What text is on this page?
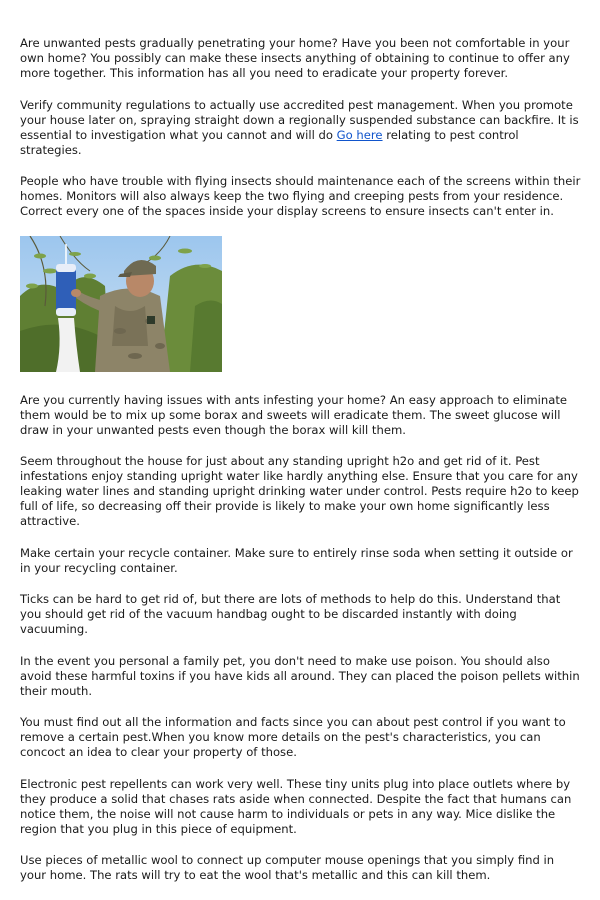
Are unwanted pests gradually penetrating your home? Have you been not comfortable in your own home? You possibly can make these insects anything of obtaining to continue to offer any more together. This information has all you need to eradicate your property forever.

Verify community regulations to actually use accredited pest management. When you promote your house later on, spraying straight down a regionally suspended substance can backfire. It is essential to investigation what you cannot and will do Go here relating to pest control strategies.

People who have trouble with flying insects should maintenance each of the screens within their homes. Monitors will also always keep the two flying and creeping pests from your residence. Correct every one of the spaces inside your display screens to ensure insects can't enter in.

Are you currently having issues with ants infesting your home? An easy approach to eliminate them would be to mix up some borax and sweets will eradicate them. The sweet glucose will draw in your unwanted pests even though the borax will kill them.

Seem throughout the house for just about any standing upright h2o and get rid of it. Pest infestations enjoy standing upright water like hardly anything else. Ensure that you care for any leaking water lines and standing upright drinking water under control. Pests require h2o to keep full of life, so decreasing off their provide is likely to make your own home significantly less attractive.

Make certain your recycle container. Make sure to entirely rinse soda when setting it outside or in your recycling container.

Ticks can be hard to get rid of, but there are lots of methods to help do this. Understand that you should get rid of the vacuum handbag ought to be discarded instantly with doing vacuuming.

In the event you personal a family pet, you don't need to make use poison. You should also avoid these harmful toxins if you have kids all around. They can placed the poison pellets within their mouth.

You must find out all the information and facts since you can about pest control if you want to remove a certain pest.When you know more details on the pest's characteristics, you can concoct an idea to clear your property of those.

Electronic pest repellents can work very well. These tiny units plug into place outlets where by they produce a solid that chases rats aside when connected. Despite the fact that humans can notice them, the noise will not cause harm to individuals or pets in any way. Mice dislike the region that you plug in this piece of equipment.

Use pieces of metallic wool to connect up computer mouse openings that you simply find in your home. The rats will try to eat the wool that's metallic and this can kill them.
